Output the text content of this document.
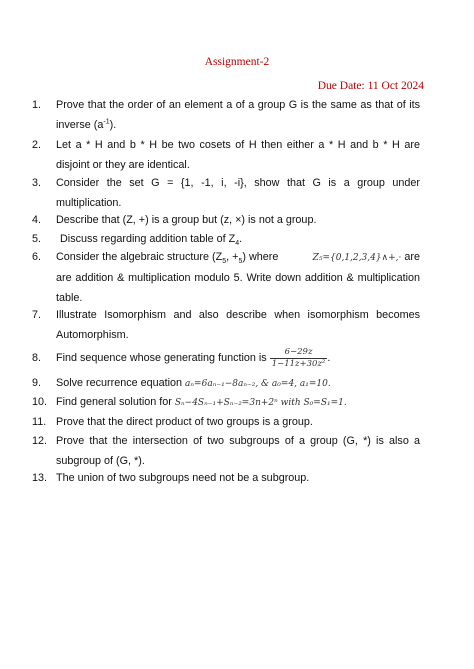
Assignment-2
Due Date: 11 Oct 2024
1. Prove that the order of an element a of a group G is the same as that of its inverse $(a^{-1})$.
2. Let a * H and b * H be two cosets of H then either a * H and b * H are disjoint or they are identical.
3. Consider the set G = {1, -1, i, -i}, show that G is a group under multiplication.
4. Describe that (Z, +) is a group but (z, ×) is not a group.
5. Discuss regarding addition table of $Z_4$.
6. Consider the algebraic structure ($Z_5$, $+_5$) where	Z₅={0,1,2,3,4}∧+,· are
are addition & multiplication modulo 5. Write down addition & multiplication table.
7. Illustrate Isomorphism and also describe when isomorphism becomes Automorphism.
8. Find sequence whose generating function is $\frac{6-29z}{\text{1−11z+30z²}}$ .
9. Solve recurrence equation aₙ=6aₙ₋₁−8aₙ₋₂, & a₀=4, a₁=10.
10. Find general solution for Sₙ−4Sₙ₋₁+Sₙ₋₂=3n+2ⁿ with S₀=S₁=1.
11. Prove that the direct product of two groups is a group.
12. Prove that the intersection of two subgroups of a group (G, *) is also a subgroup of (G, *).
13. The union of two subgroups need not be a subgroup.
